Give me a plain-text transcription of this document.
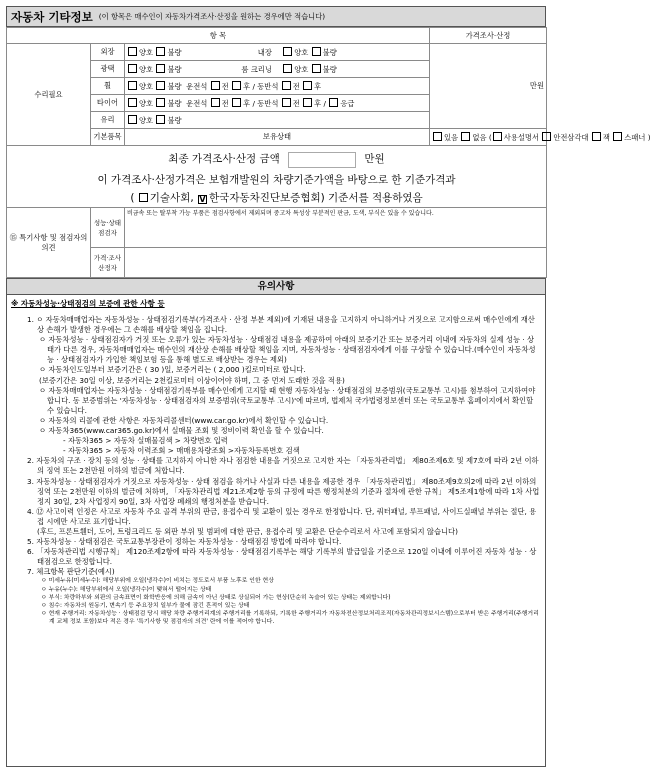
자동차 기타정보 (이 항목은 매수인이 자동차가격조사·산정을 원하는 경우에만 적습니다)
항 목			가격조사·산정	
수리필요	외장	양호 불량 내장 양호 불량	만원	
	광택	양호 불량 룸 크리닝 양호 불량		
	휠	양호 불량 운전석 전 후 / 동반석 전 후		
	타이어	양호 불량 운전석 전 후 / 동반석 전 후 / 응급		
	유리	양호 불량		
	기본품목	보유상태	있음 없음 ( 사용설명서 안전삼각대 잭 스패너 )	

최종 가격조사·산정 금액 만원
이 가격조사·산정가격은 보험개발원의 차량기준가액을 바탕으로 한 기준가격과
( 기술사회, V 한국자동차진단보증협회) 기준서를 적용하였음				

⑮ 특기사항 및 점검자의 의견	성능·상태점검자	비금속 또는 탈부착 가능 부품은 점검사항에서 제외되며 중고차 특성상 부분적인 판금, 도색, 부식은 있을 수 있습니다.		
	가격·조사산정자			
유의사항
※ 자동차성능·상태점검의 보증에 관한 사항 등
1. ㅇ 자동차매매업자는 자동차성능 · 상태점검기록부(가격조사 · 산정 부분 제외)에 기재된 내용을 고지하지 아니하거나 거짓으로 고지함으로써 매수인에게 재산상 손해가 발생한 경우에는 그 손해를 배상할 책임을 집니다.
ㅇ 자동차성능 · 상태점검자가 거짓 또는 오류가 있는 자동차성능 · 상태점검 내용을 제공하여 아래의 보증기간 또는 보증거리 이내에 자동차의 실제 성능 · 상태가 다른 경우, 자동차매매업자는 매수인의 재산상 손해를 배상할 책임을 지며, 자동차성능 · 상태점검자에게 이를 구상할 수 있습니다.(매수인이 자동차성능 · 상태점검자가 가입한 책임보험 등을 통해 별도로 배상받는 경우는 제외)
ㅇ 자동차인도일부터 보증기간은 ( 30 )일, 보증거리는 ( 2,000 )킬로미터로 합니다.
(보증기간은 30일 이상, 보증거리는 2천킬로미터 이상이어야 하며, 그 중 먼저 도래한 것을 적용)
ㅇ 자동차매매업자는 자동차성능 · 상태점검기록부를 매수인에게 고지할 때 현행 자동차성능 · 상태점검의 보증범위(국토교통부 고시)를 첨부하여 고지하여야 합니다. 동 보증범위는 '자동차성능 · 상태점검자의 보증범위(국토교통부 고시)'에 따르며, 법제처 국가법령정보센터 또는 국토교통부 홈페이지에서 확인할 수 있습니다.
ㅇ 자동차의 리콜에 관한 사항은 자동차리콜센터(www.car.go.kr)에서 확인할 수 있습니다.
ㅇ 자동차365(www.car365.go.kr)에서 실매물 조회 및 정비이력 확인을 할 수 있습니다.
- 자동차365 > 자동차 실매물검색 > 차량번호 입력
- 자동차365 > 자동차 이력조회 > 매매용차량조회 >자동차등록번호 검색
2. 자동차의 구조 · 장치 등의 성능 · 상태를 고지하지 아니한 자나 점검한 내용을 거짓으로 고지한 자는 「자동차관리법」 제80조제6호 및 제7호에 따라 2년 이하의 징역 또는 2천만원 이하의 벌금에 처합니다.
3. 자동차성능 · 상태점검자가 거짓으로 자동차성능 · 상태 점검을 하거나 사실과 다른 내용을 제공한 경우 「자동차관리법」 제80조제9호의2에 따라 2년 이하의 징역 또는 2천만원 이하의 벌금에 처하며, 「자동차관리법 제21조제2항 등의 규정에 따른 행정처분의 기준과 절차에 관한 규칙」 제5조제1항에 따라 1차 사업정지 30일, 2차 사업정지 90일, 3차 사업장 폐쇄의 행정처분을 받습니다.
4. ⑫ 사고이력 인정은 사고로 자동차 주요 골격 부위의 판금, 용접수리 및 교환이 있는 경우로 한정합니다. 단, 쿼터패널, 루프패널, 사이드실패널 부위는 절단, 용접 시에만 사고로 표기합니다.
(후드, 프론트휀더, 도어, 트렁크리드 등 외판 부위 및 범퍼에 대한 판금, 용접수리 및 교환은 단순수리로서 사고에 포함되지 않습니다)
5. 자동차성능 · 상태점검은 국토교통부장관이 정하는 자동차성능 · 상태점검 방법에 따라야 합니다.
6. 「자동차관리법 시행규칙」 제120조제2항에 따라 자동차성능 · 상태점검기록부는 해당 기록부의 발급일을 기준으로 120일 이내에 이루어진 자동차 성능 · 상태점검으로 한정합니다.
7. 체크항목 판단기준(예시)
ㅇ 미세누유(미세누수): 해당부위에 오일(냉각수)이 비치는 정도로서 부품 노후로 인한 현상
ㅇ 누유(누수): 해당부위에서 오일(냉각수)이 맺혀서 떨어지는 상태
ㅇ 부식: 차량하부와 외판의 금속표면이 화학반응에 의해 금속이 아닌 상태로 상실되어 가는 현상(단순히 녹슬어 있는 상태는 제외합니다)
ㅇ 침수: 자동차의 원동기, 변속기 등 주요장치 일부가 물에 잠긴 흔적이 있는 상태
ㅇ 현재 주행거리: 자동차성능 · 상태점검 당시 해당 차량 주행거리계의 주행거리를 기록하되, 기록한 주행거리가 자동차전산정보처리조직(자동차관리정보시스템)으로부터 받은 주행거리(주행거리계 교체 정보 포함)보다 적은 경우 '특기사항 및 점검자의 의견' 란에 이를 적어야 합니다.
